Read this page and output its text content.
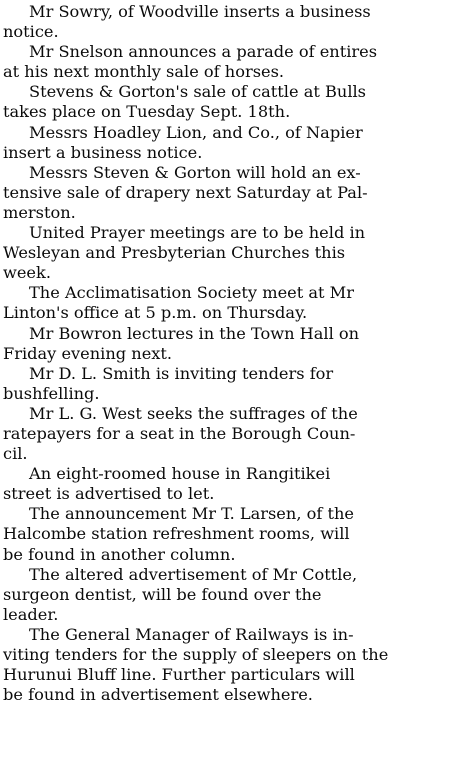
Mr Sowry, of Woodville inserts a business
notice.

Mr Snelson announces a parade of entires
at his next monthly sale of horses.

Stevens & Gorton's sale of cattle at Bulls
takes place on Tuesday Sept. 18th.

Messrs Hoadley Lion, and Co., of Napier
insert a business notice.

Messrs Steven & Gorton will hold an ex-
tensive sale of drapery next Saturday at Pal-
merston.

United Prayer meetings are to be held in
Wesleyan and Presbyterian Churches this
week.

The Acclimatisation Society meet at Mr
Linton's office at 5 p.m. on Thursday.

Mr Bowron lectures in the Town Hall on
Friday evening next.

Mr D. L. Smith is inviting tenders for
bushfelling.

Mr L. G. West seeks the suffrages of the
ratepayers for a seat in the Borough Coun-
cil.

An eight-roomed house in Rangitikei
street is advertised to let.

The announcement Mr T. Larsen, of the
Halcombe station refreshment rooms, will
be found in another column.

The altered advertisement of Mr Cottle,
surgeon dentist, will be found over the
leader.

The General Manager of Railways is in-
viting tenders for the supply of sleepers on the
Hurunui Bluff line. Further particulars will
be found in advertisement elsewhere.
